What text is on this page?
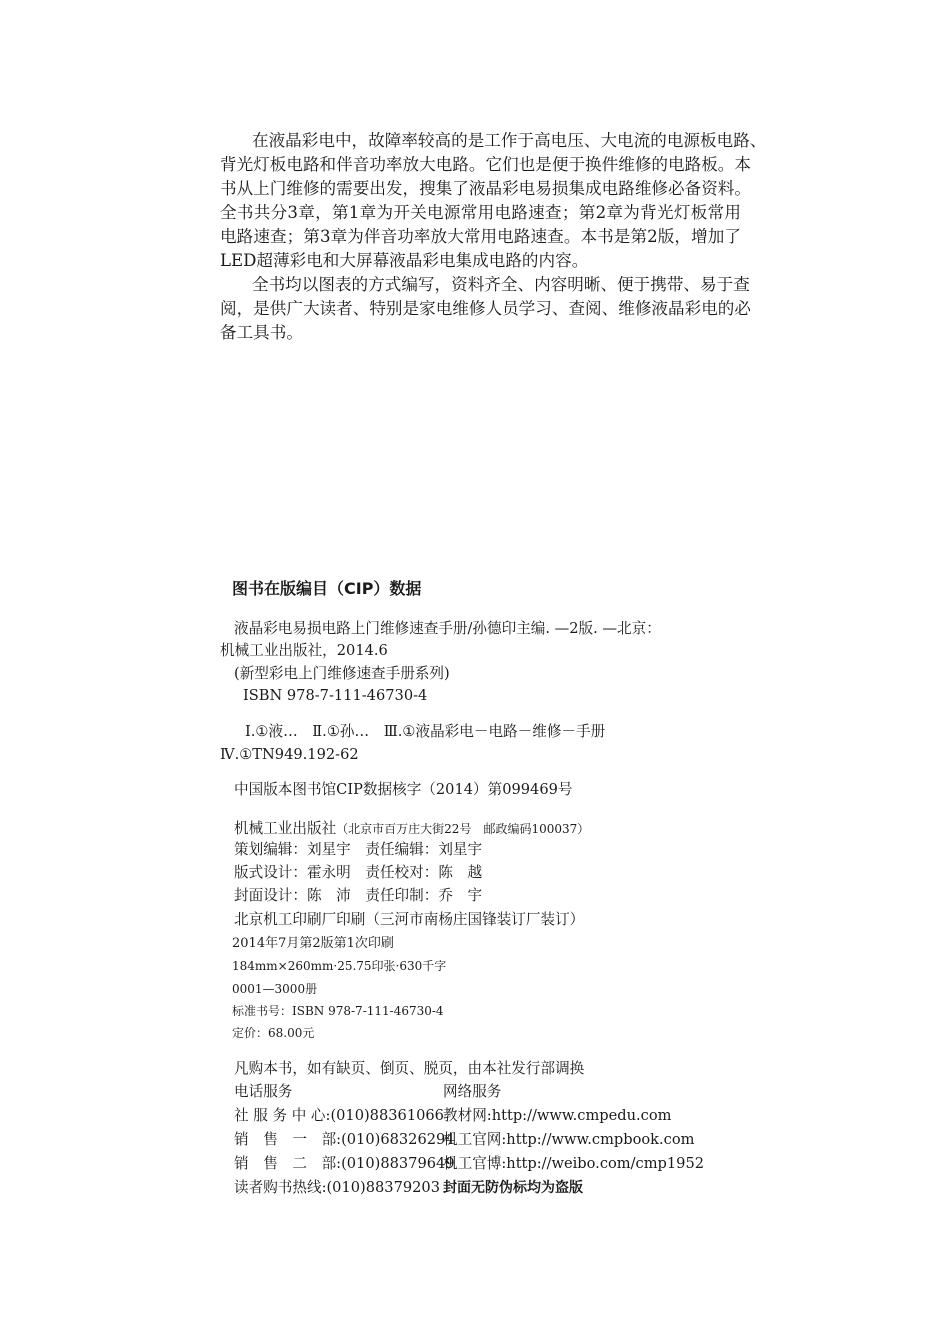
在液晶彩电中，故障率较高的是工作于高电压、大电流的电源板电路、
背光灯板电路和伴音功率放大电路。它们也是便于换件维修的电路板。本
书从上门维修的需要出发，搜集了液晶彩电易损集成电路维修必备资料。
全书共分3章，第1章为开关电源常用电路速查；第2章为背光灯板常用
电路速查；第3章为伴音功率放大常用电路速查。本书是第2版，增加了
LED超薄彩电和大屏幕液晶彩电集成电路的内容。
全书均以图表的方式编写，资料齐全、内容明晰、便于携带、易于查
阅，是供广大读者、特别是家电维修人员学习、查阅、维修液晶彩电的必
备工具书。
图书在版编目（CIP）数据
液晶彩电易损电路上门维修速查手册/孙德印主编. —2版. —北京：
机械工业出版社，2014.6
(新型彩电上门维修速查手册系列)
ISBN 978-7-111-46730-4
Ⅰ.①液…　Ⅱ.①孙…　Ⅲ.①液晶彩电－电路－维修－手册
Ⅳ.①TN949.192-62
中国版本图书馆CIP数据核字（2014）第099469号
机械工业出版社（北京市百万庄大街22号　邮政编码100037）
策划编辑：刘星宇　责任编辑：刘星宇
版式设计：霍永明　责任校对：陈　越
封面设计：陈　沛　责任印制：乔　宇
北京机工印刷厂印刷（三河市南杨庄国锋装订厂装订）
2014年7月第2版第1次印刷
184mm×260mm·25.75印张·630千字
0001—3000册
标准书号：ISBN 978-7-111-46730-4
定价：68.00元
凡购本书，如有缺页、倒页、脱页，由本社发行部调换
电话服务	网络服务
社 服 务 中 心:(010)88361066 教材网:http://www.cmpedu.com
销　售　一　部:(010)68326294
机工官网:http://www.cmpbook.com
销　售　二　部:(010)88379649
机工官博:http://weibo.com/cmp1952
读者购书热线:(010)88379203 封面无防伪标均为盗版
